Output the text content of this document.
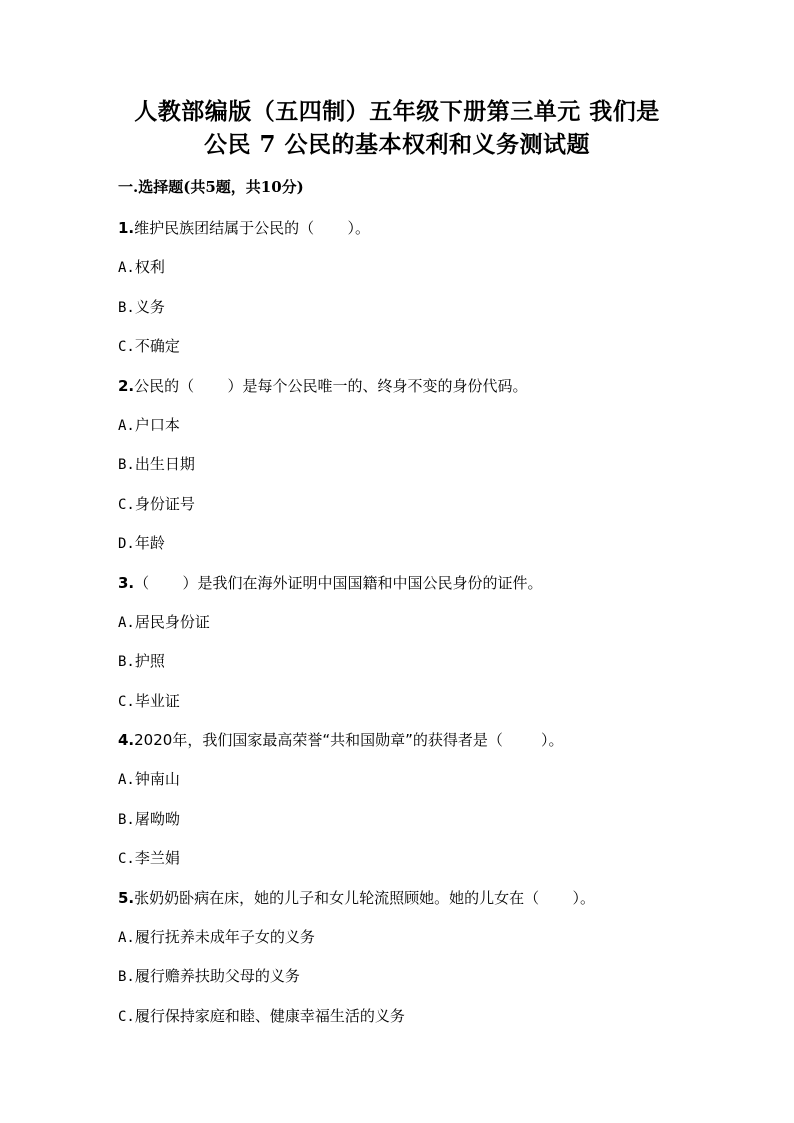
人教部编版（五四制）五年级下册第三单元 我们是
公民 7 公民的基本权利和义务测试题
一.选择题(共5题，共10分)
1.维护民族团结属于公民的（       ）。
A.权利
B.义务
C.不确定
2.公民的（       ）是每个公民唯一的、终身不变的身份代码。
A.户口本
B.出生日期
C.身份证号
D.年龄
3.（       ）是我们在海外证明中国国籍和中国公民身份的证件。
A.居民身份证
B.护照
C.毕业证
4.2020年，我们国家最高荣誉“共和国勋章”的获得者是（        ）。
A.钟南山
B.屠呦呦
C.李兰娟
5.张奶奶卧病在床，她的儿子和女儿轮流照顾她。她的儿女在（       ）。
A.履行抚养未成年子女的义务
B.履行赡养扶助父母的义务
C.履行保持家庭和睦、健康幸福生活的义务
